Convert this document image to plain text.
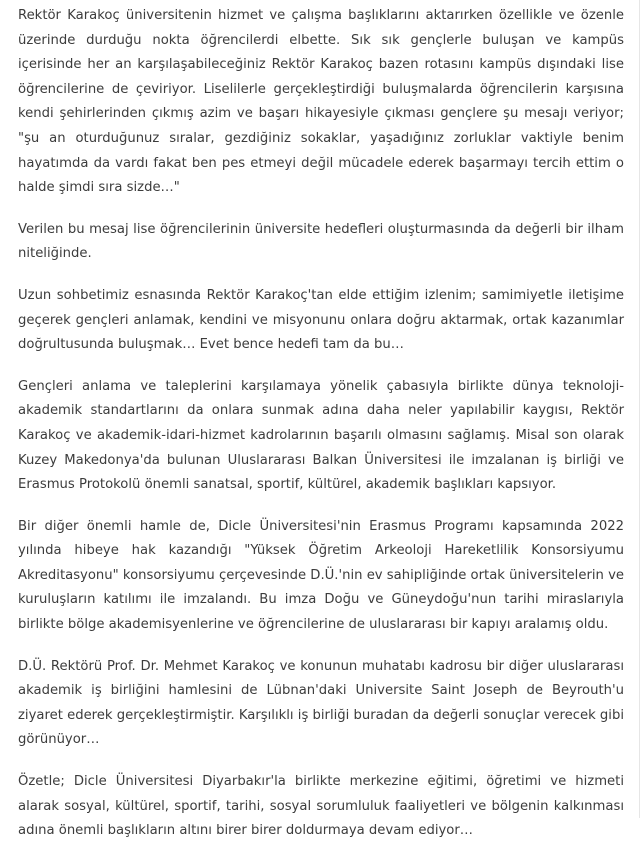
Rektör Karakoç üniversitenin hizmet ve çalışma başlıklarını aktarırken özellikle ve özenle üzerinde durduğu nokta öğrencilerdi elbette. Sık sık gençlerle buluşan ve kampüs içerisinde her an karşılaşabileceğiniz Rektör Karakoç bazen rotasını kampüs dışındaki lise öğrencilerine de çeviriyor. Liselilerle gerçekleştirdiği buluşmalarda öğrencilerin karşısına kendi şehirlerinden çıkmış azim ve başarı hikayesiyle çıkması gençlere şu mesajı veriyor; "şu an oturduğunuz sıralar, gezdiğiniz sokaklar, yaşadığınız zorluklar vaktiyle benim hayatımda da vardı fakat ben pes etmeyi değil mücadele ederek başarmayı tercih ettim o halde şimdi sıra sizde…"

Verilen bu mesaj lise öğrencilerinin üniversite hedefleri oluşturmasında da değerli bir ilham niteliğinde.

Uzun sohbetimiz esnasında Rektör Karakoç'tan elde ettiğim izlenim; samimiyetle iletişime geçerek gençleri anlamak, kendini ve misyonunu onlara doğru aktarmak, ortak kazanımlar doğrultusunda buluşmak… Evet bence hedefi tam da bu…

Gençleri anlama ve taleplerini karşılamaya yönelik çabasıyla birlikte dünya teknoloji-akademik standartlarını da onlara sunmak adına daha neler yapılabilir kaygısı, Rektör Karakoç ve akademik-idari-hizmet kadrolarının başarılı olmasını sağlamış. Misal son olarak Kuzey Makedonya'da bulunan Uluslararası Balkan Üniversitesi ile imzalanan iş birliği ve Erasmus Protokolü önemli sanatsal, sportif, kültürel, akademik başlıkları kapsıyor.

Bir diğer önemli hamle de, Dicle Üniversitesi'nin Erasmus Programı kapsamında 2022 yılında hibeye hak kazandığı "Yüksek Öğretim Arkeoloji Hareketlilik Konsorsiyumu Akreditasyonu" konsorsiyumu çerçevesinde D.Ü.'nin ev sahipliğinde ortak üniversitelerin ve kuruluşların katılımı ile imzalandı. Bu imza Doğu ve Güneydoğu'nun tarihi miraslarıyla birlikte bölge akademisyenlerine ve öğrencilerine de uluslararası bir kapıyı aralamış oldu.

D.Ü. Rektörü Prof. Dr. Mehmet Karakoç ve konunun muhatabı kadrosu bir diğer uluslararası akademik iş birliğini hamlesini de Lübnan'daki Universite Saint Joseph de Beyrouth'u ziyaret ederek gerçekleştirmiştir. Karşılıklı iş birliği buradan da değerli sonuçlar verecek gibi görünüyor…

Özetle; Dicle Üniversitesi Diyarbakır'la birlikte merkezine eğitimi, öğretimi ve hizmeti alarak sosyal, kültürel, sportif, tarihi, sosyal sorumluluk faaliyetleri ve bölgenin kalkınması adına önemli başlıkların altını birer birer doldurmaya devam ediyor…
